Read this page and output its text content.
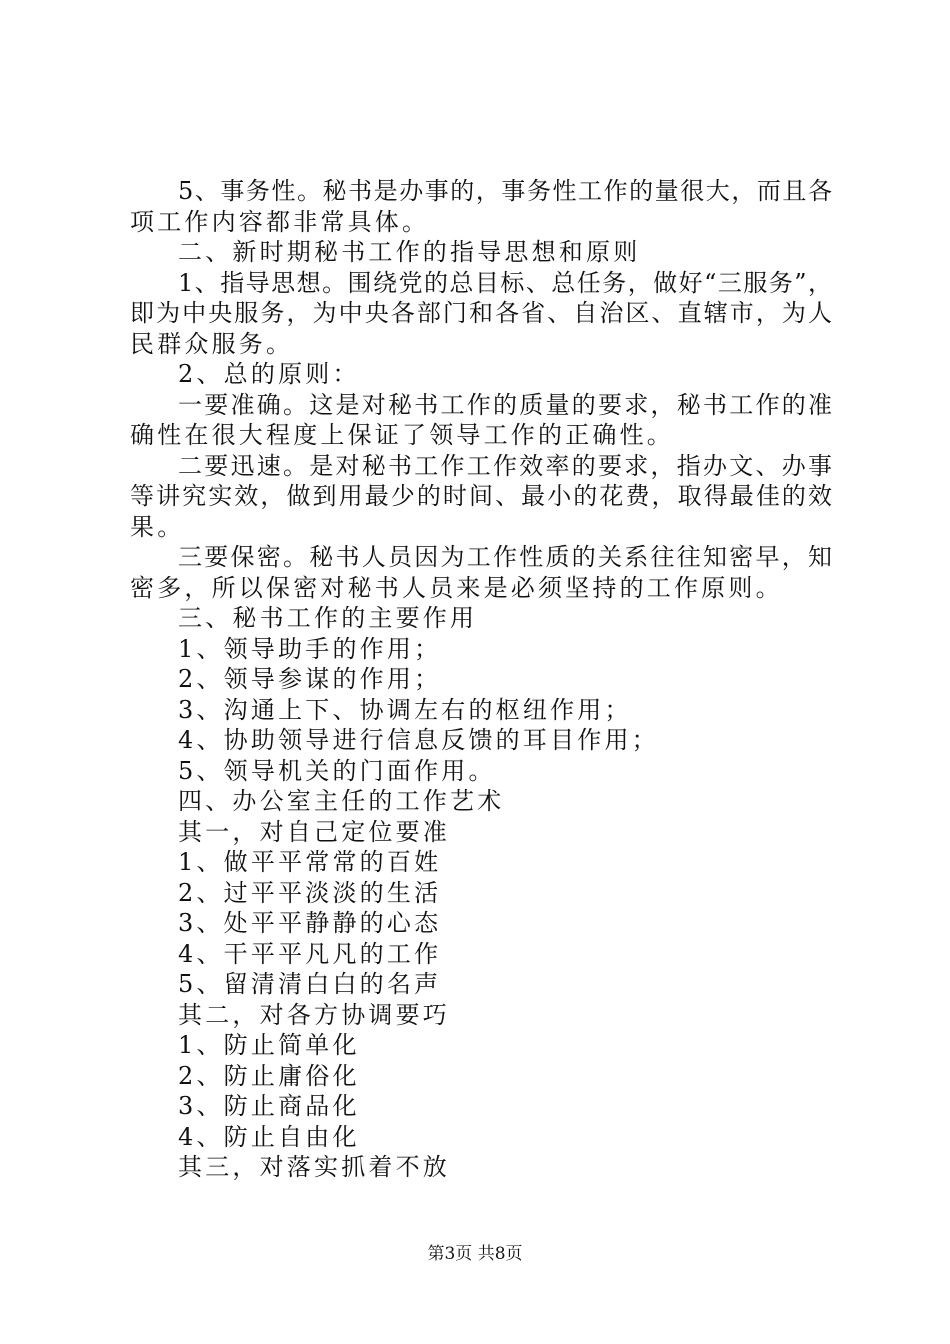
5、事务性。秘书是办事的，事务性工作的量很大，而且各
项工作内容都非常具体。
二、新时期秘书工作的指导思想和原则
1、指导思想。围绕党的总目标、总任务，做好“三服务”，
即为中央服务，为中央各部门和各省、自治区、直辖市，为人
民群众服务。
2、总的原则：
一要准确。这是对秘书工作的质量的要求，秘书工作的准
确性在很大程度上保证了领导工作的正确性。
二要迅速。是对秘书工作工作效率的要求，指办文、办事
等讲究实效，做到用最少的时间、最小的花费，取得最佳的效
果。
三要保密。秘书人员因为工作性质的关系往往知密早，知
密多，所以保密对秘书人员来是必须坚持的工作原则。
三、秘书工作的主要作用
1、领导助手的作用；
2、领导参谋的作用；
3、沟通上下、协调左右的枢纽作用；
4、协助领导进行信息反馈的耳目作用；
5、领导机关的门面作用。
四、办公室主任的工作艺术
其一，对自己定位要准
1、做平平常常的百姓
2、过平平淡淡的生活
3、处平平静静的心态
4、干平平凡凡的工作
5、留清清白白的名声
其二，对各方协调要巧
1、防止简单化
2、防止庸俗化
3、防止商品化
4、防止自由化
其三，对落实抓着不放
第3页 共8页
